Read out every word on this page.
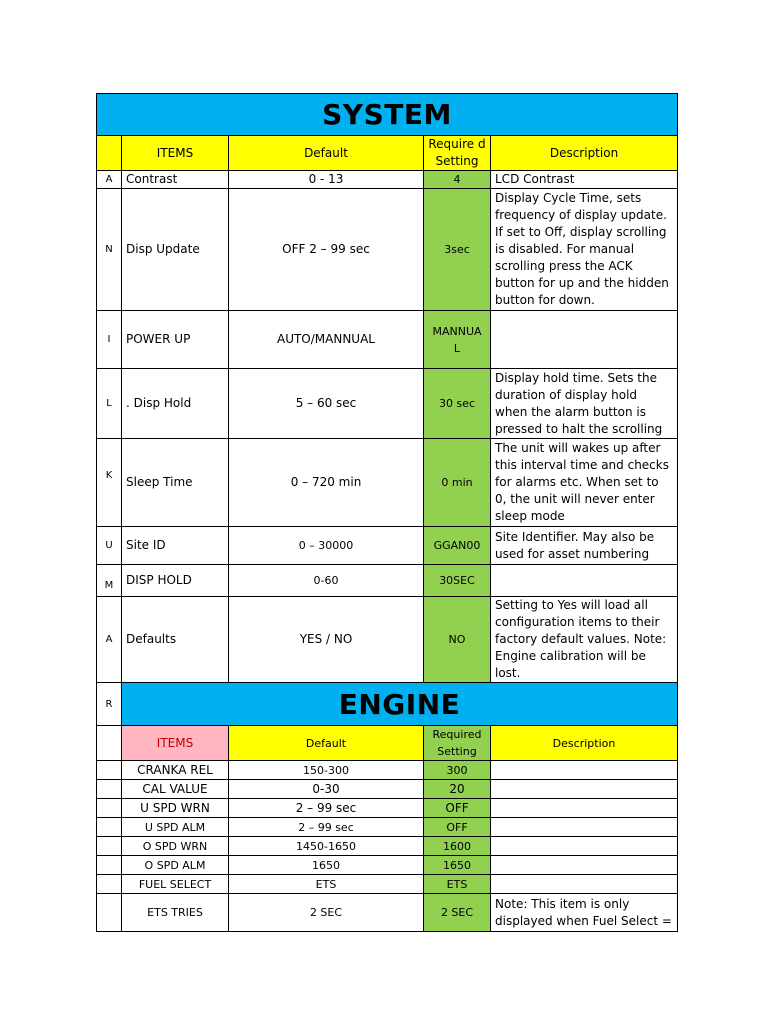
SYSTEM				
	ITEMS	Default	Require d Setting	Description
A	Contrast	0 - 13	4	LCD Contrast
N	Disp Update	OFF 2 – 99 sec	3sec	Display Cycle Time, sets frequency of display update. If set to Off, display scrolling is disabled. For manual scrolling press the ACK button for up and the hidden button for down.
I	POWER UP	AUTO/MANNUAL	MANNUA L	
L	. Disp Hold	5 – 60 sec	30 sec	Display hold time. Sets the duration of display hold when the alarm button is pressed to halt the scrolling
K	Sleep Time	0 – 720 min	0 min	The unit will wakes up after this interval time and checks for alarms etc. When set to 0, the unit will never enter sleep mode
U	Site ID	0 – 30000	GGAN00	Site Identifier. May also be used for asset numbering
M	DISP HOLD	0-60	30SEC	
A	Defaults	YES / NO	NO	Setting to Yes will load all configuration items to their factory default values. Note: Engine calibration will be lost.
R	ENGINE			
	ITEMS	Default	Required Setting	Description
	CRANKA REL	150-300	300	
	CAL VALUE	0-30	20	
	U SPD WRN	2 – 99 sec	OFF	
	U SPD ALM	2 – 99 sec	OFF	
	O SPD WRN	1450-1650	1600	
	O SPD ALM	1650	1650	
	FUEL SELECT	ETS	ETS	
	ETS TRIES	2 SEC	2 SEC	Note: This item is only displayed when Fuel Select =
